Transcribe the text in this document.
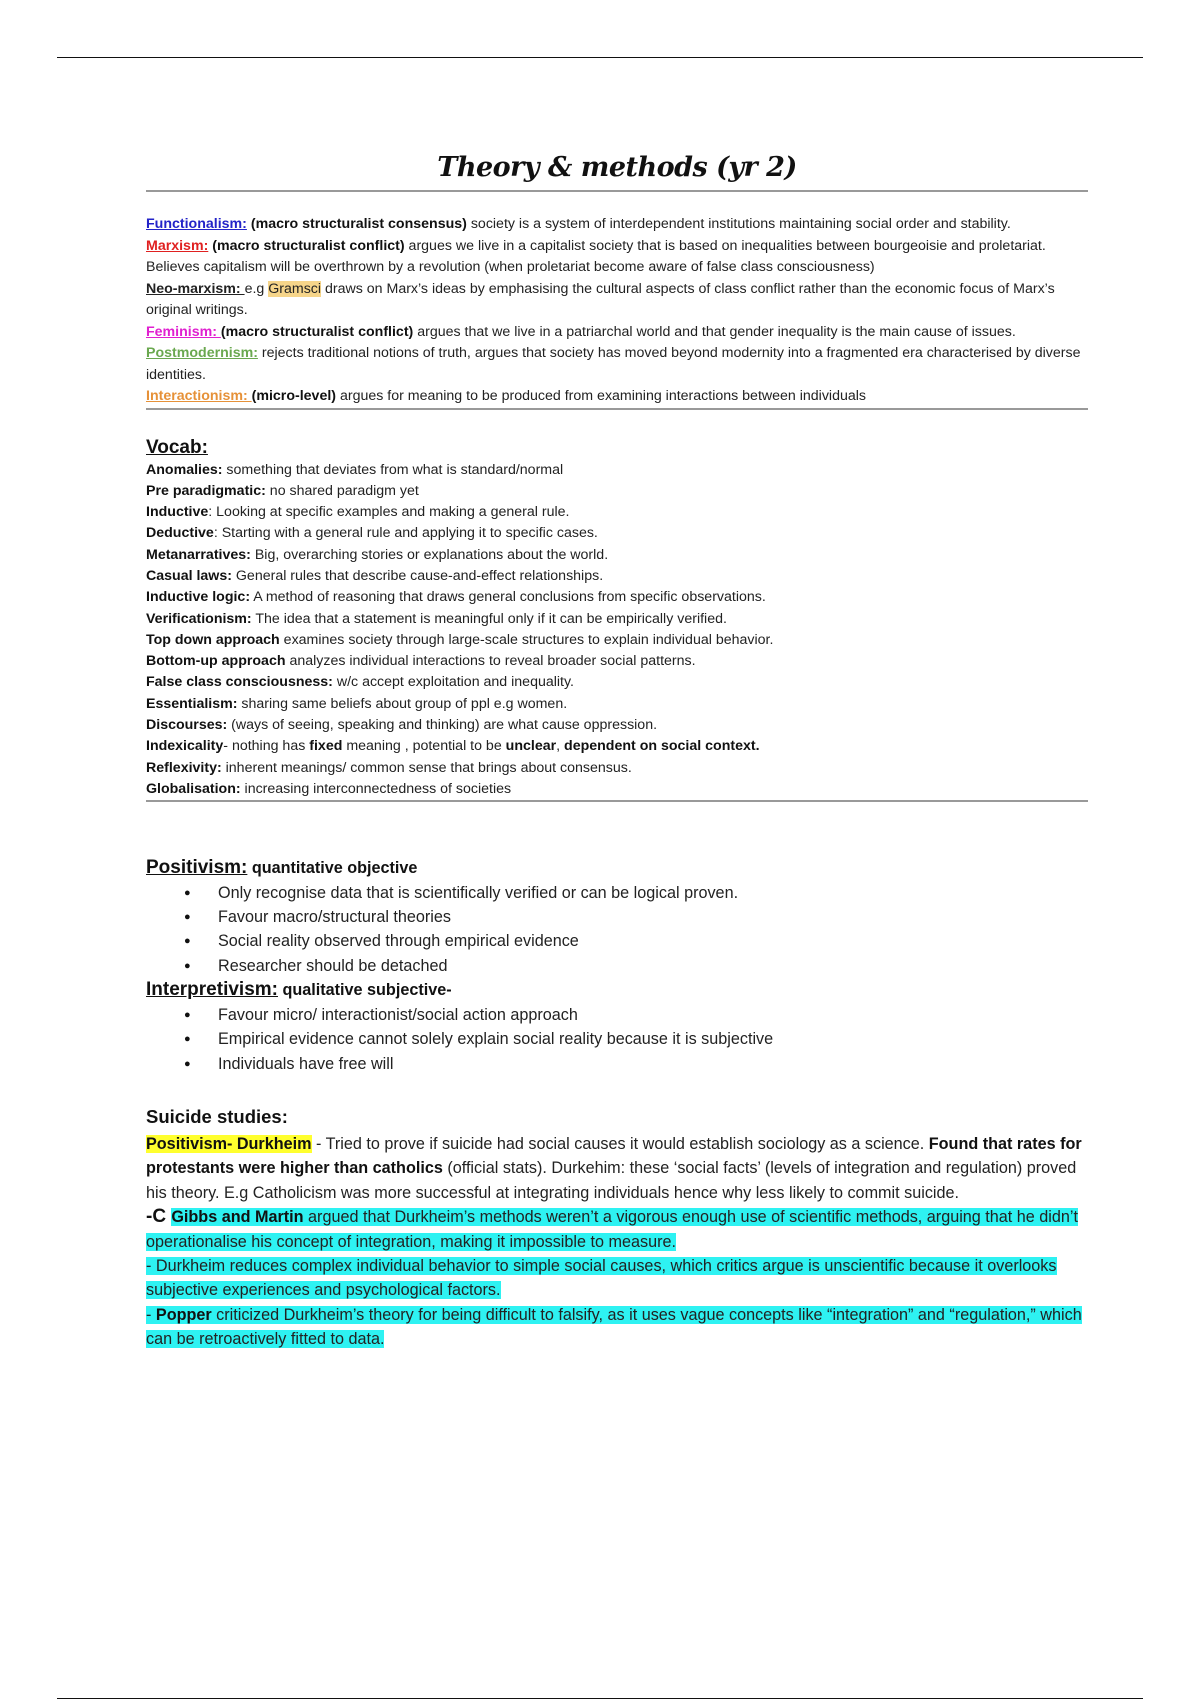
Theory & methods (yr 2)

Functionalism: (macro structuralist consensus) society is a system of interdependent institutions maintaining social order and stability.

Marxism: (macro structuralist conflict) argues we live in a capitalist society that is based on inequalities between bourgeoisie and proletariat. Believes capitalism will be overthrown by a revolution (when proletariat become aware of false class consciousness)

Neo-marxism: e.g Gramsci draws on Marx’s ideas by emphasising the cultural aspects of class conflict rather than the economic focus of Marx’s original writings.

Feminism: (macro structuralist conflict) argues that we live in a patriarchal world and that gender inequality is the main cause of issues.

Postmodernism: rejects traditional notions of truth, argues that society has moved beyond modernity into a fragmented era characterised by diverse identities.

Interactionism: (micro-level) argues for meaning to be produced from examining interactions between individuals

Vocab:

Anomalies: something that deviates from what is standard/normal

Pre paradigmatic: no shared paradigm yet

Inductive: Looking at specific examples and making a general rule.

Deductive: Starting with a general rule and applying it to specific cases.

Metanarratives: Big, overarching stories or explanations about the world.

Casual laws: General rules that describe cause-and-effect relationships.

Inductive logic: A method of reasoning that draws general conclusions from specific observations.

Verificationism: The idea that a statement is meaningful only if it can be empirically verified.

Top down approach examines society through large-scale structures to explain individual behavior.

Bottom-up approach analyzes individual interactions to reveal broader social patterns.

False class consciousness: w/c accept exploitation and inequality.

Essentialism: sharing same beliefs about group of ppl e.g women.

Discourses: (ways of seeing, speaking and thinking) are what cause oppression.

Indexicality- nothing has fixed meaning , potential to be unclear, dependent on social context.

Reflexivity: inherent meanings/ common sense that brings about consensus.

Globalisation: increasing interconnectedness of societies

Positivism: quantitative objective

● Only recognise data that is scientifically verified or can be logical proven.
● Favour macro/structural theories
● Social reality observed through empirical evidence
● Researcher should be detached

Interpretivism: qualitative subjective-

● Favour micro/ interactionist/social action approach
● Empirical evidence cannot solely explain social reality because it is subjective
● Individuals have free will

Suicide studies:

Positivism- Durkheim - Tried to prove if suicide had social causes it would establish sociology as a science. Found that rates for protestants were higher than catholics (official stats). Durkehim: these ‘social facts’ (levels of integration and regulation) proved his theory. E.g Catholicism was more successful at integrating individuals hence why less likely to commit suicide.

-C Gibbs and Martin argued that Durkheim’s methods weren’t a vigorous enough use of scientific methods, arguing that he didn’t operationalise his concept of integration, making it impossible to measure.

- Durkheim reduces complex individual behavior to simple social causes, which critics argue is unscientific because it overlooks subjective experiences and psychological factors.

- Popper criticized Durkheim’s theory for being difficult to falsify, as it uses vague concepts like “integration” and “regulation,” which can be retroactively fitted to data.
